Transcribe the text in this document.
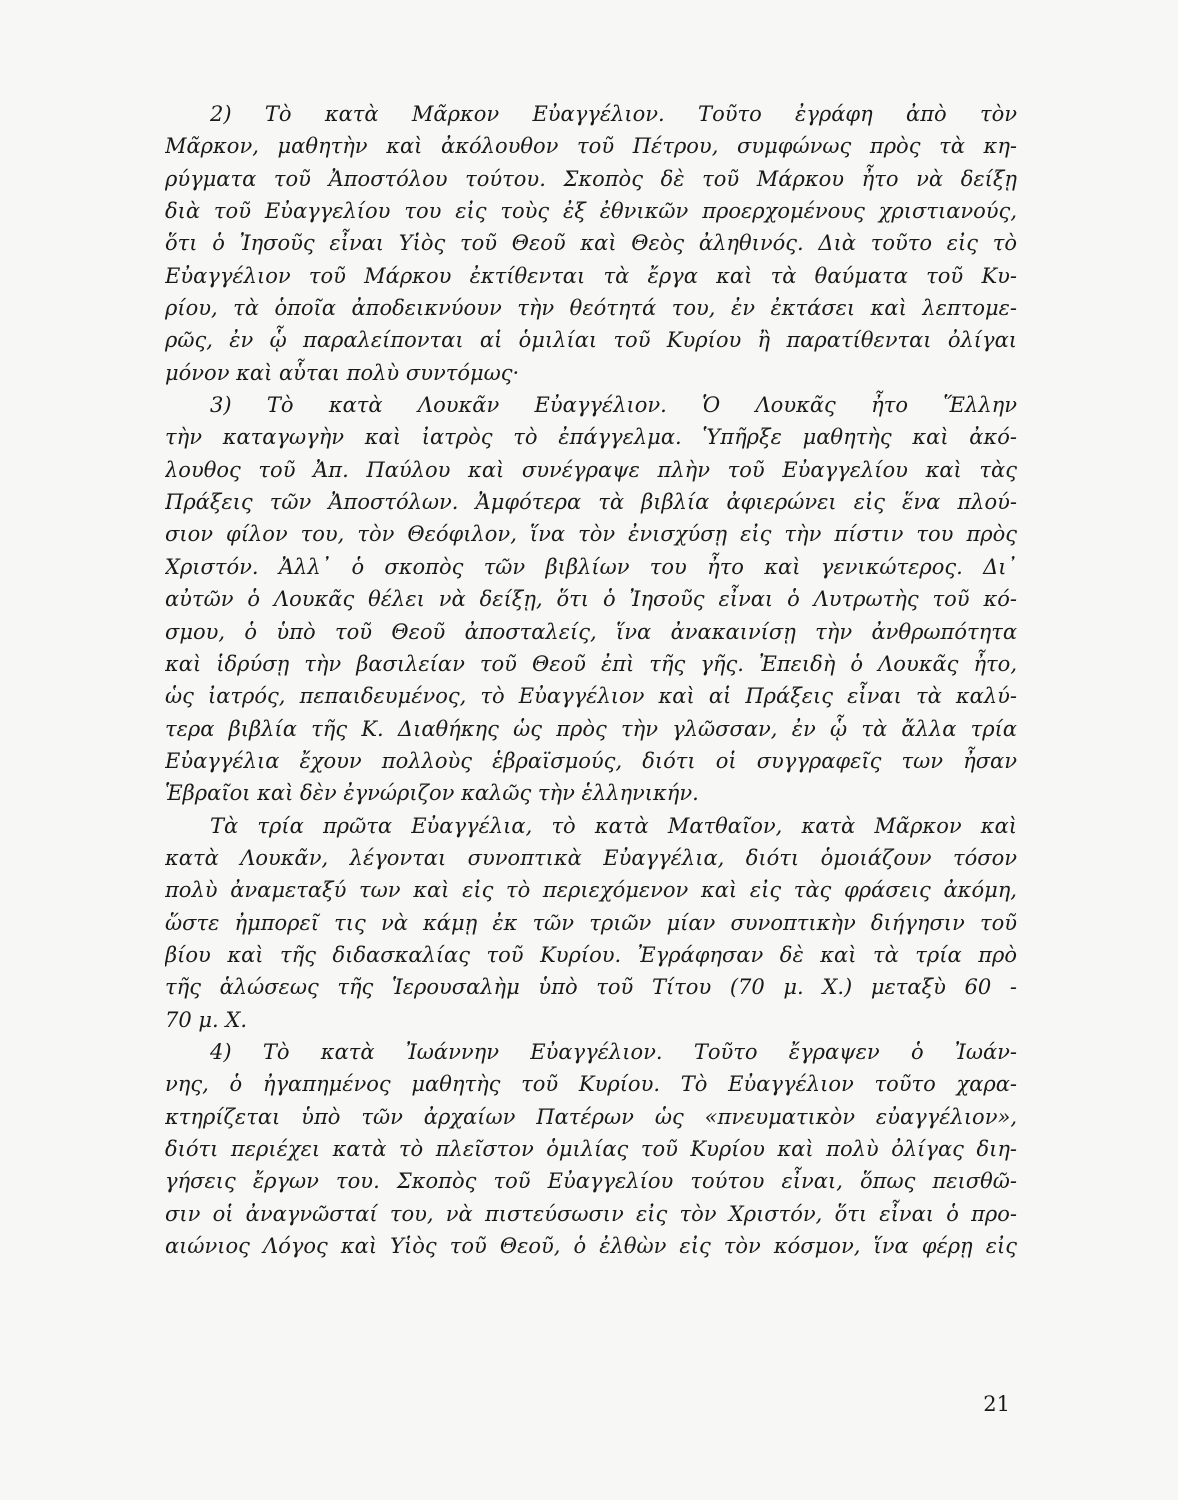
2) Τὸ κατὰ Μᾶρκον Εὐαγγέλιον. Τοῦτο ἐγράφη ἀπὸ τὸν
Μᾶρκον, μαθητὴν καὶ ἀκόλουθον τοῦ Πέτρου, συμφώνως πρὸς τὰ κη-
ρύγματα τοῦ Ἀποστόλου τούτου. Σκοπὸς δὲ τοῦ Μάρκου ἦτο νὰ δείξῃ
διὰ τοῦ Εὐαγγελίου του εἰς τοὺς ἐξ ἐθνικῶν προερχομένους χριστιανούς,
ὅτι ὁ Ἰησοῦς εἶναι Υἱὸς τοῦ Θεοῦ καὶ Θεὸς ἀληθινός. Διὰ τοῦτο εἰς τὸ
Εὐαγγέλιον τοῦ Μάρκου ἐκτίθενται τὰ ἔργα καὶ τὰ θαύματα τοῦ Κυ-
ρίου, τὰ ὁποῖα ἀποδεικνύουν τὴν θεότητά του, ἐν ἐκτάσει καὶ λεπτομε-
ρῶς, ἐν ᾧ παραλείπονται αἱ ὁμιλίαι τοῦ Κυρίου ἢ παρατίθενται ὀλίγαι
μόνον καὶ αὗται πολὺ συντόμως·
3) Τὸ κατὰ Λουκᾶν Εὐαγγέλιον. Ὁ Λουκᾶς ἦτο Ἕλλην
τὴν καταγωγὴν καὶ ἰατρὸς τὸ ἐπάγγελμα. Ὑπῆρξε μαθητὴς καὶ ἀκό-
λουθος τοῦ Ἀπ. Παύλου καὶ συνέγραψε πλὴν τοῦ Εὐαγγελίου καὶ τὰς
Πράξεις τῶν Ἀποστόλων. Ἀμφότερα τὰ βιβλία ἀφιερώνει εἰς ἕνα πλού-
σιον φίλον του, τὸν Θεόφιλον, ἵνα τὸν ἐνισχύσῃ εἰς τὴν πίστιν του πρὸς
Χριστόν. Ἀλλ᾽ ὁ σκοπὸς τῶν βιβλίων του ἦτο καὶ γενικώτερος. Δι᾽
αὐτῶν ὁ Λουκᾶς θέλει νὰ δείξῃ, ὅτι ὁ Ἰησοῦς εἶναι ὁ Λυτρωτὴς τοῦ κό-
σμου, ὁ ὑπὸ τοῦ Θεοῦ ἀποσταλείς, ἵνα ἀνακαινίσῃ τὴν ἀνθρωπότητα
καὶ ἱδρύσῃ τὴν βασιλείαν τοῦ Θεοῦ ἐπὶ τῆς γῆς. Ἐπειδὴ ὁ Λουκᾶς ἦτο,
ὡς ἰατρός, πεπαιδευμένος, τὸ Εὐαγγέλιον καὶ αἱ Πράξεις εἶναι τὰ καλύ-
τερα βιβλία τῆς Κ. Διαθήκης ὡς πρὸς τὴν γλῶσσαν, ἐν ᾧ τὰ ἄλλα τρία
Εὐαγγέλια ἔχουν πολλοὺς ἑβραϊσμούς, διότι οἱ συγγραφεῖς των ἦσαν
Ἑβραῖοι καὶ δὲν ἐγνώριζον καλῶς τὴν ἑλληνικήν.
Τὰ τρία πρῶτα Εὐαγγέλια, τὸ κατὰ Ματθαῖον, κατὰ Μᾶρκον καὶ
κατὰ Λουκᾶν, λέγονται συνοπτικὰ Εὐαγγέλια, διότι ὁμοιάζουν τόσον
πολὺ ἀναμεταξύ των καὶ εἰς τὸ περιεχόμενον καὶ εἰς τὰς φράσεις ἀκόμη,
ὥστε ἠμπορεῖ τις νὰ κάμῃ ἐκ τῶν τριῶν μίαν συνοπτικὴν διήγησιν τοῦ
βίου καὶ τῆς διδασκαλίας τοῦ Κυρίου. Ἐγράφησαν δὲ καὶ τὰ τρία πρὸ
τῆς ἁλώσεως τῆς Ἱερουσαλὴμ ὑπὸ τοῦ Τίτου (70 μ. Χ.) μεταξὺ 60 -
70 μ. Χ.
4) Τὸ κατὰ Ἰωάννην Εὐαγγέλιον. Τοῦτο ἔγραψεν ὁ Ἰωάν-
νης, ὁ ἠγαπημένος μαθητὴς τοῦ Κυρίου. Τὸ Εὐαγγέλιον τοῦτο χαρα-
κτηρίζεται ὑπὸ τῶν ἀρχαίων Πατέρων ὡς «πνευματικὸν εὐαγγέλιον»,
διότι περιέχει κατὰ τὸ πλεῖστον ὁμιλίας τοῦ Κυρίου καὶ πολὺ ὀλίγας διη-
γήσεις ἔργων του. Σκοπὸς τοῦ Εὐαγγελίου τούτου εἶναι, ὅπως πεισθῶ-
σιν οἱ ἀναγνῶσταί του, νὰ πιστεύσωσιν εἰς τὸν Χριστόν, ὅτι εἶναι ὁ προ-
αιώνιος Λόγος καὶ Υἱὸς τοῦ Θεοῦ, ὁ ἐλθὼν εἰς τὸν κόσμον, ἵνα φέρῃ εἰς
21
